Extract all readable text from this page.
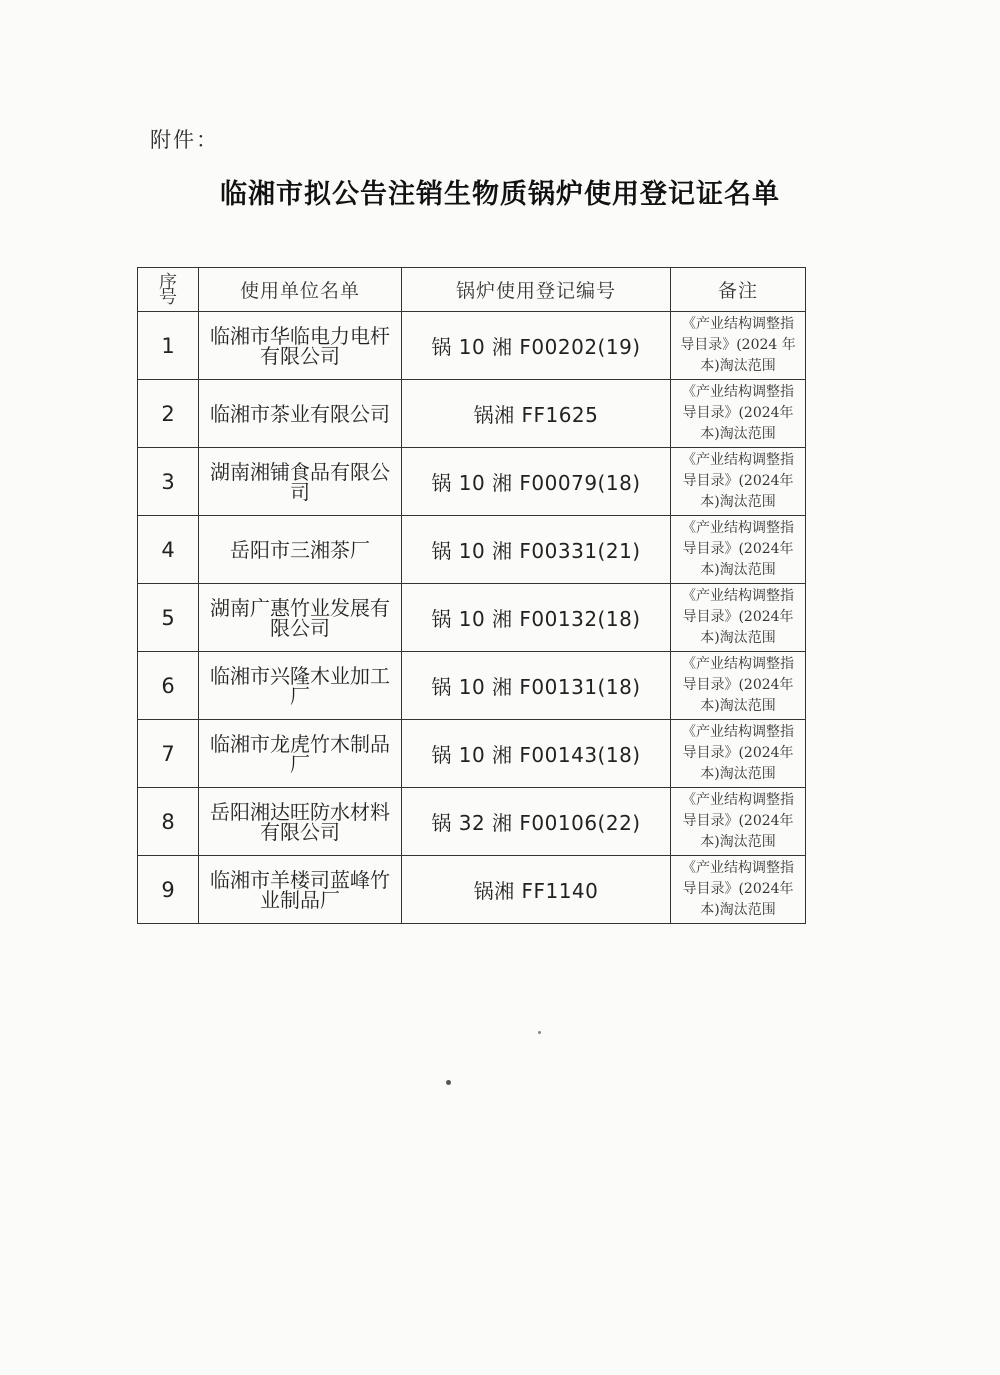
附件：
临湘市拟公告注销生物质锅炉使用登记证名单
序号	使用单位名单	锅炉使用登记编号	备注
1	临湘市华临电力电杆有限公司	锅 10 湘 F00202(19)	《产业结构调整指导目录》(2024 年本)淘汰范围
2	临湘市茶业有限公司	锅湘 FF1625	《产业结构调整指导目录》(2024年本)淘汰范围
3	湖南湘铺食品有限公司	锅 10 湘 F00079(18)	《产业结构调整指导目录》(2024年本)淘汰范围
4	岳阳市三湘茶厂	锅 10 湘 F00331(21)	《产业结构调整指导目录》(2024年本)淘汰范围
5	湖南广惠竹业发展有限公司	锅 10 湘 F00132(18)	《产业结构调整指导目录》(2024年本)淘汰范围
6	临湘市兴隆木业加工厂	锅 10 湘 F00131(18)	《产业结构调整指导目录》(2024年本)淘汰范围
7	临湘市龙虎竹木制品厂	锅 10 湘 F00143(18)	《产业结构调整指导目录》(2024年本)淘汰范围
8	岳阳湘达旺防水材料有限公司	锅 32 湘 F00106(22)	《产业结构调整指导目录》(2024年本)淘汰范围
9	临湘市羊楼司蓝峰竹业制品厂	锅湘 FF1140	《产业结构调整指导目录》(2024年本)淘汰范围
